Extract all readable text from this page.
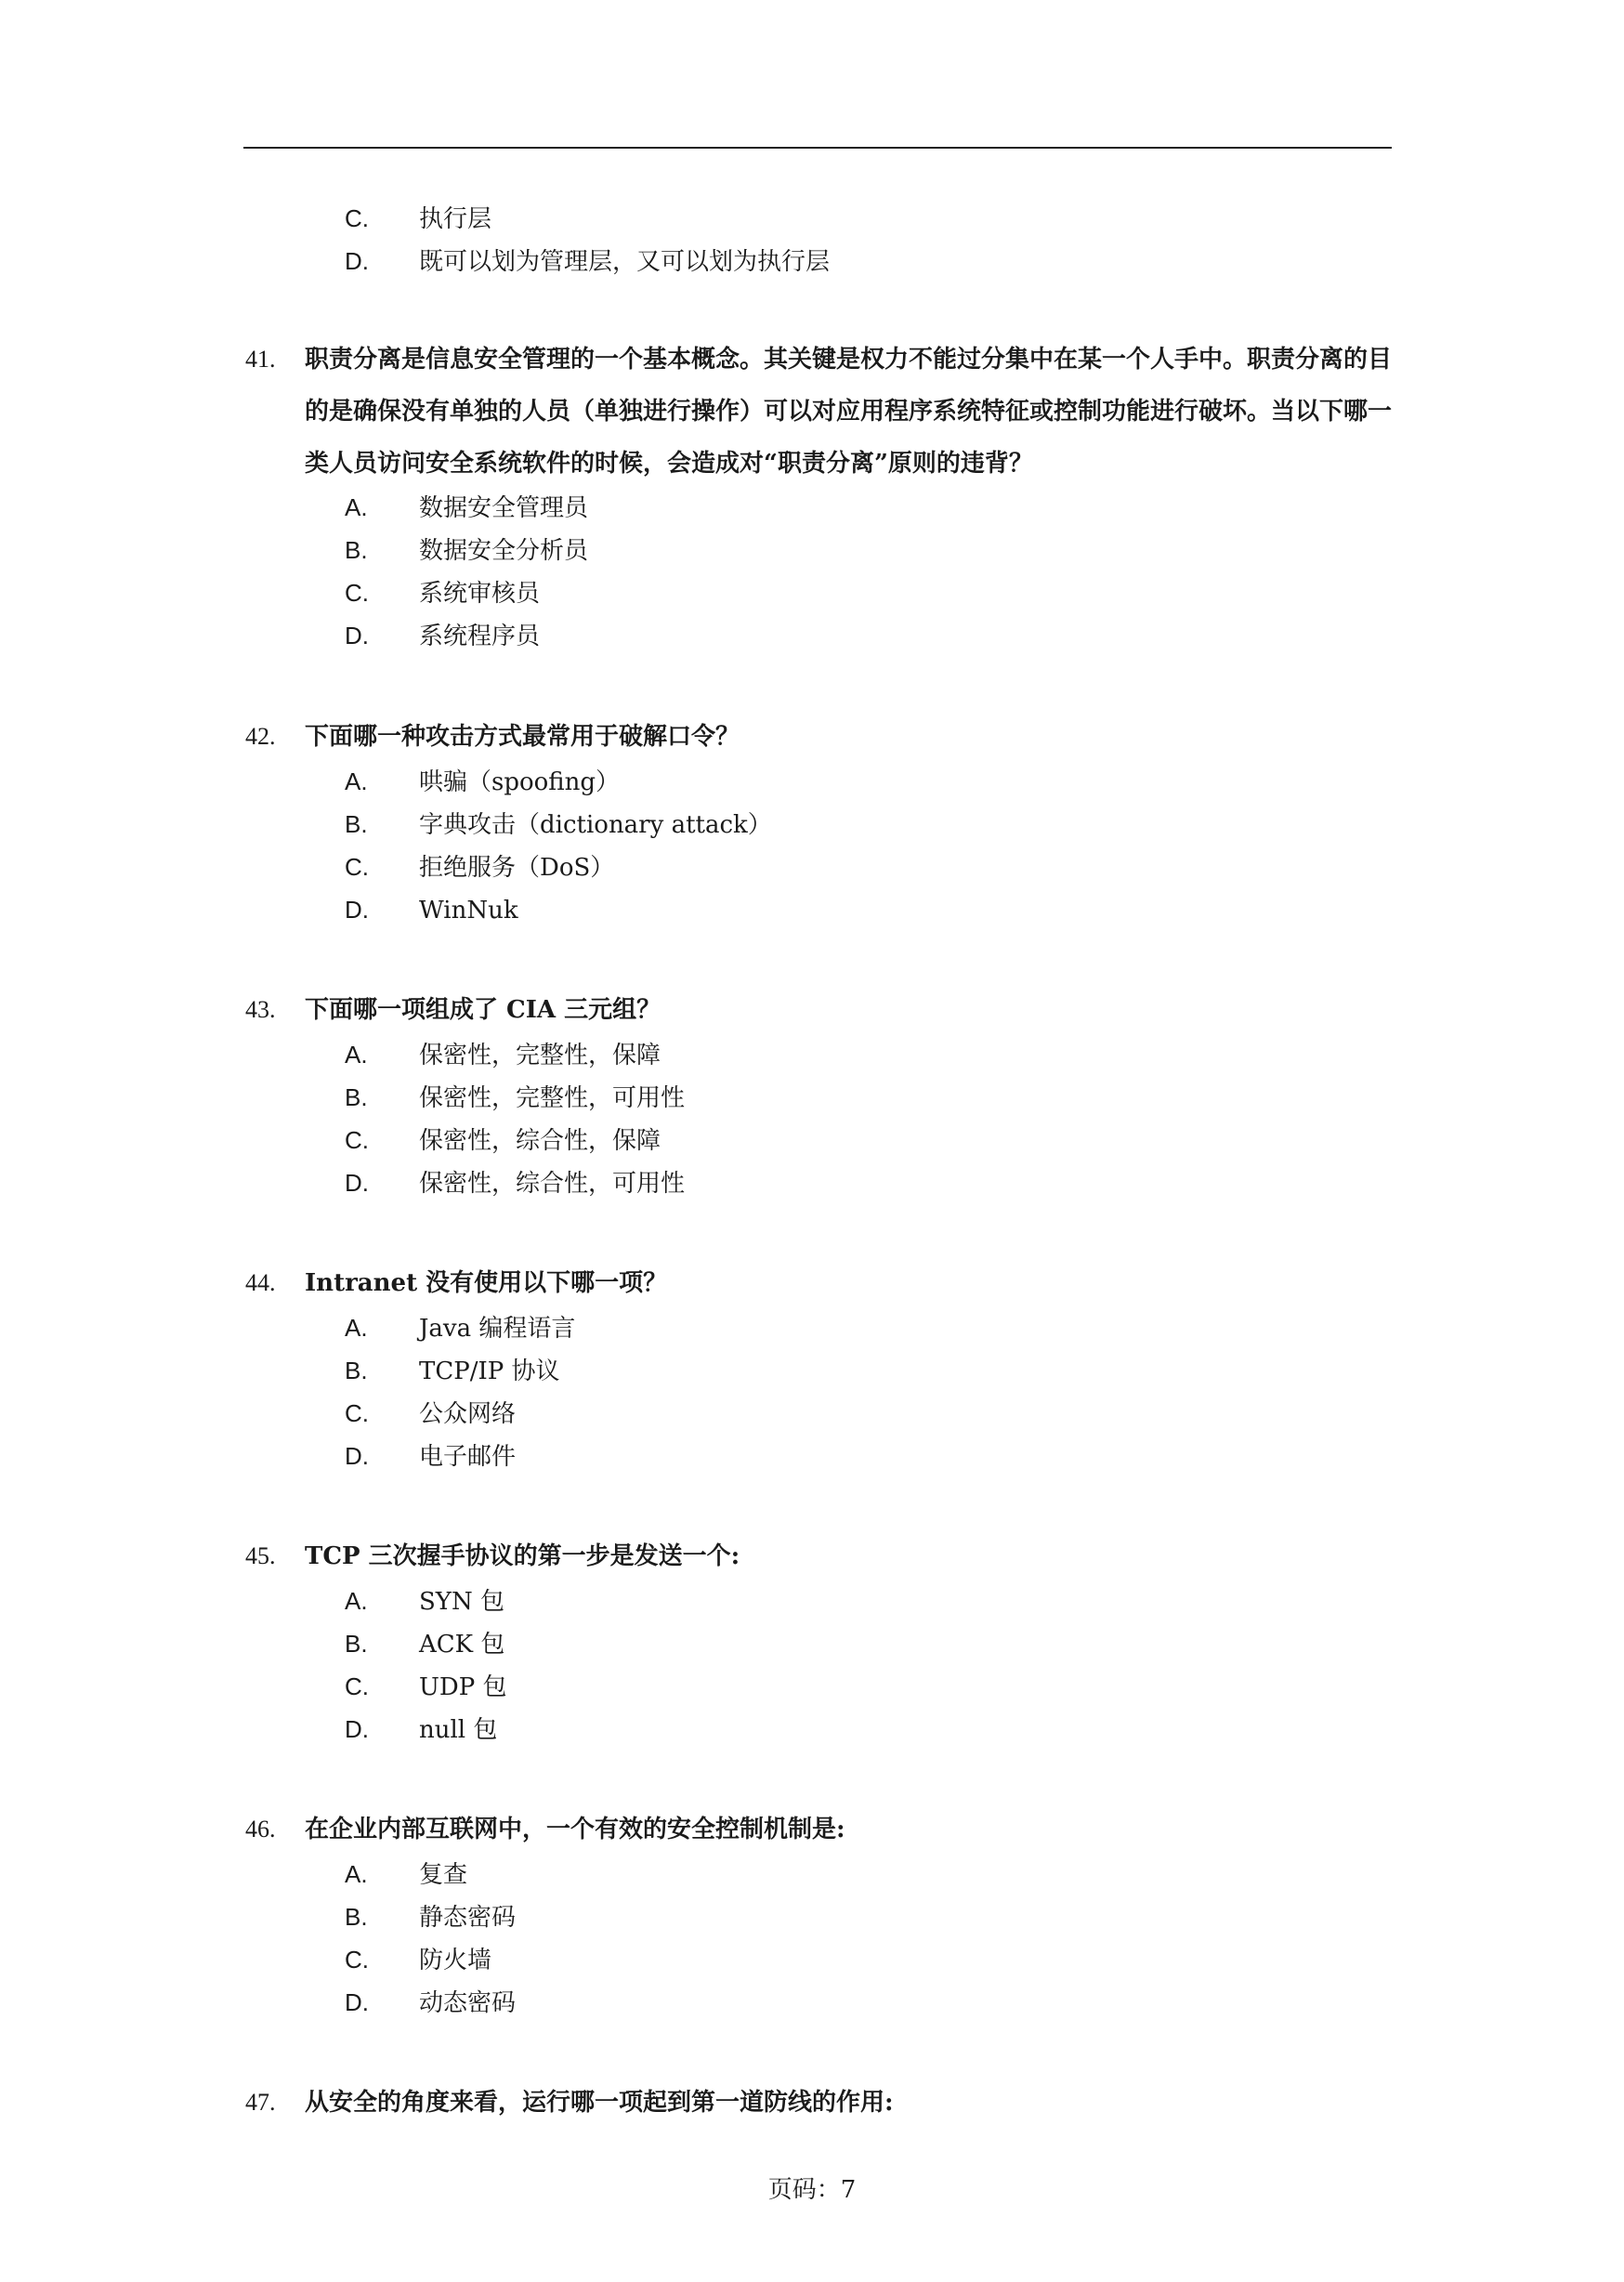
C. 执行层
D. 既可以划为管理层，又可以划为执行层
41. 职责分离是信息安全管理的一个基本概念。其关键是权力不能过分集中在某一个人手中。职责分离的目的是确保没有单独的人员（单独进行操作）可以对应用程序系统特征或控制功能进行破坏。当以下哪一类人员访问安全系统软件的时候，会造成对“职责分离”原则的违背？
A. 数据安全管理员
B. 数据安全分析员
C. 系统审核员
D. 系统程序员
42. 下面哪一种攻击方式最常用于破解口令？
A. 哄骗（spoofing）
B. 字典攻击（dictionary attack）
C. 拒绝服务（DoS）
D. WinNuk
43. 下面哪一项组成了 CIA 三元组？
A. 保密性，完整性，保障
B. 保密性，完整性，可用性
C. 保密性，综合性，保障
D. 保密性，综合性，可用性
44. Intranet 没有使用以下哪一项？
A. Java 编程语言
B. TCP/IP 协议
C. 公众网络
D. 电子邮件
45. TCP 三次握手协议的第一步是发送一个:
A. SYN 包
B. ACK 包
C. UDP 包
D. null 包
46. 在企业内部互联网中，一个有效的安全控制机制是:
A. 复查
B. 静态密码
C. 防火墙
D. 动态密码
47. 从安全的角度来看，运行哪一项起到第一道防线的作用:
页码：7
